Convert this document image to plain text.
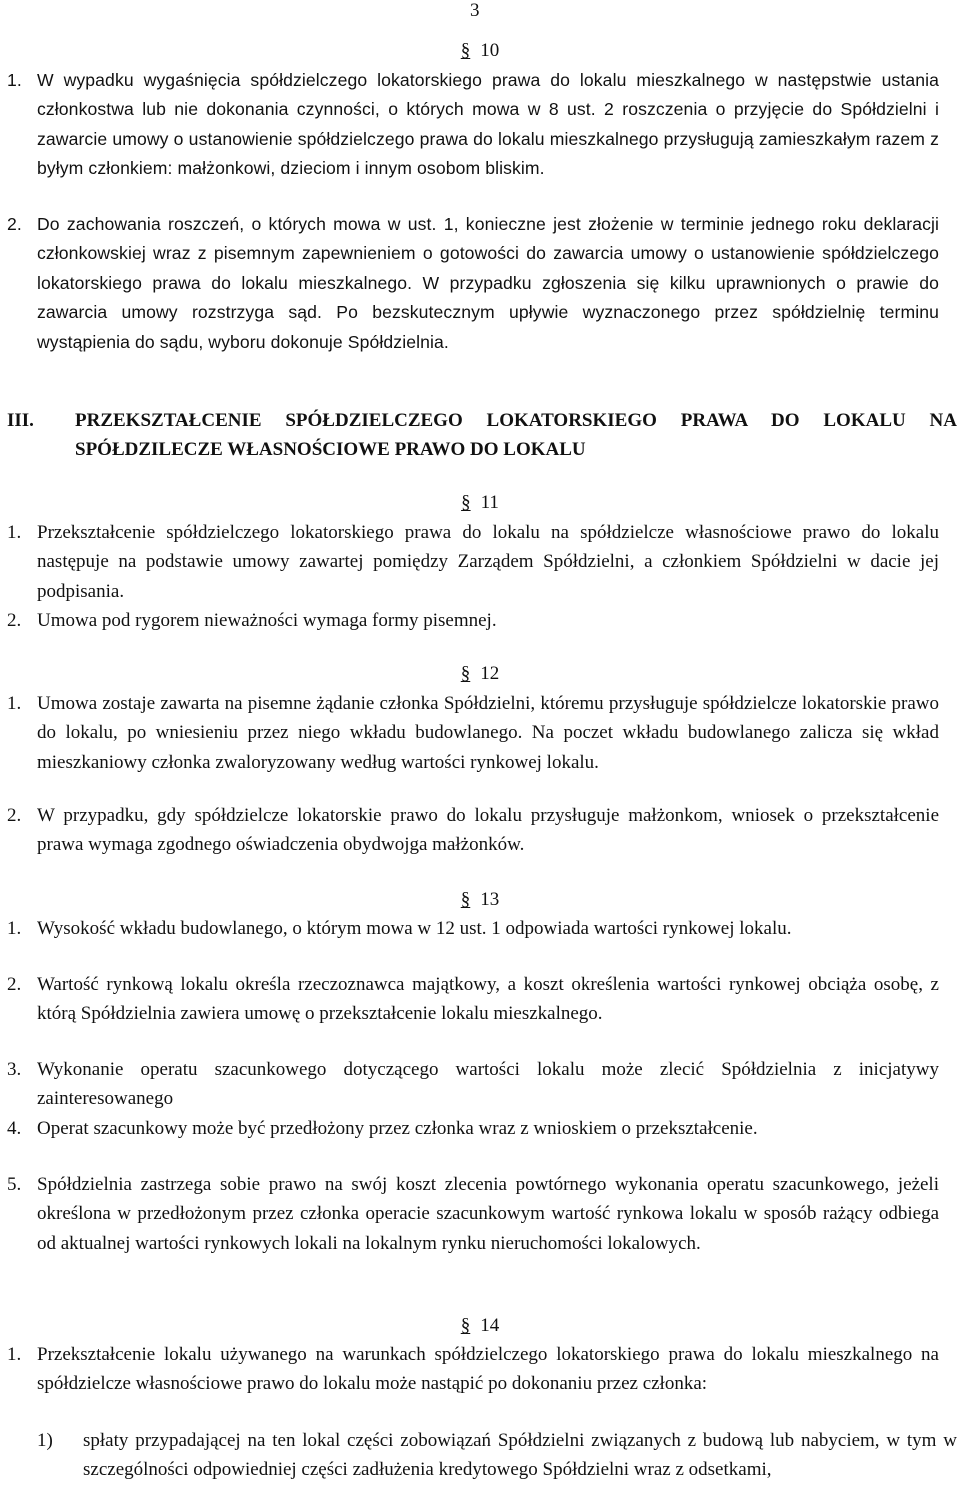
3
§ 10
1. W wypadku wygaśnięcia spółdzielczego lokatorskiego prawa do lokalu mieszkalnego w następstwie ustania członkostwa lub nie dokonania czynności, o których mowa w 8 ust. 2 roszczenia o przyjęcie do Spółdzielni i zawarcie umowy o ustanowienie spółdzielczego prawa do lokalu mieszkalnego przysługują zamieszkałym razem z byłym członkiem: małżonkowi, dzieciom i innym osobom bliskim.
2. Do zachowania roszczeń, o których mowa w ust. 1, konieczne jest złożenie w terminie jednego roku deklaracji członkowskiej wraz z pisemnym zapewnieniem o gotowości do zawarcia umowy o ustanowienie spółdzielczego lokatorskiego prawa do lokalu mieszkalnego. W przypadku zgłoszenia się kilku uprawnionych o prawie do zawarcia umowy rozstrzyga sąd. Po bezskutecznym upływie wyznaczonego przez spółdzielnię terminu wystąpienia do sądu, wyboru dokonuje Spółdzielnia.
III. PRZEKSZTAŁCENIE SPÓŁDZIELCZEGO LOKATORSKIEGO PRAWA DO LOKALU NA SPÓŁDZILECZE WŁASNOŚCIOWE PRAWO DO LOKALU
§ 11
1. Przekształcenie spółdzielczego lokatorskiego prawa do lokalu na spółdzielcze własnościowe prawo do lokalu następuje na podstawie umowy zawartej pomiędzy Zarządem Spółdzielni, a członkiem Spółdzielni w dacie jej podpisania.
2. Umowa pod rygorem nieważności wymaga formy pisemnej.
§ 12
1. Umowa zostaje zawarta na pisemne żądanie członka Spółdzielni, któremu przysługuje spółdzielcze lokatorskie prawo do lokalu, po wniesieniu przez niego wkładu budowlanego. Na poczet wkładu budowlanego zalicza się wkład mieszkaniowy członka zwaloryzowany według wartości rynkowej lokalu.
2. W przypadku, gdy spółdzielcze lokatorskie prawo do lokalu przysługuje małżonkom, wniosek o przekształcenie prawa wymaga zgodnego oświadczenia obydwojga małżonków.
§ 13
1. Wysokość wkładu budowlanego, o którym mowa w 12 ust. 1 odpowiada wartości rynkowej lokalu.
2. Wartość rynkową lokalu określa rzeczoznawca majątkowy, a koszt określenia wartości rynkowej obciąża osobę, z którą Spółdzielnia zawiera umowę o przekształcenie lokalu mieszkalnego.
3. Wykonanie operatu szacunkowego dotyczącego wartości lokalu może zlecić Spółdzielnia z inicjatywy zainteresowanego
4. Operat szacunkowy może być przedłożony przez członka wraz z wnioskiem o przekształcenie.
5. Spółdzielnia zastrzega sobie prawo na swój koszt zlecenia powtórnego wykonania operatu szacunkowego, jeżeli określona w przedłożonym przez członka operacie szacunkowym wartość rynkowa lokalu w sposób rażący odbiega od aktualnej wartości rynkowych lokali na lokalnym rynku nieruchomości lokalowych.
§ 14
1. Przekształcenie lokalu używanego na warunkach spółdzielczego lokatorskiego prawa do lokalu mieszkalnego na spółdzielcze własnościowe prawo do lokalu może nastąpić po dokonaniu przez członka:
1) spłaty przypadającej na ten lokal części zobowiązań Spółdzielni związanych z budową lub nabyciem, w tym w szczególności odpowiedniej części zadłużenia kredytowego Spółdzielni wraz z odsetkami,
